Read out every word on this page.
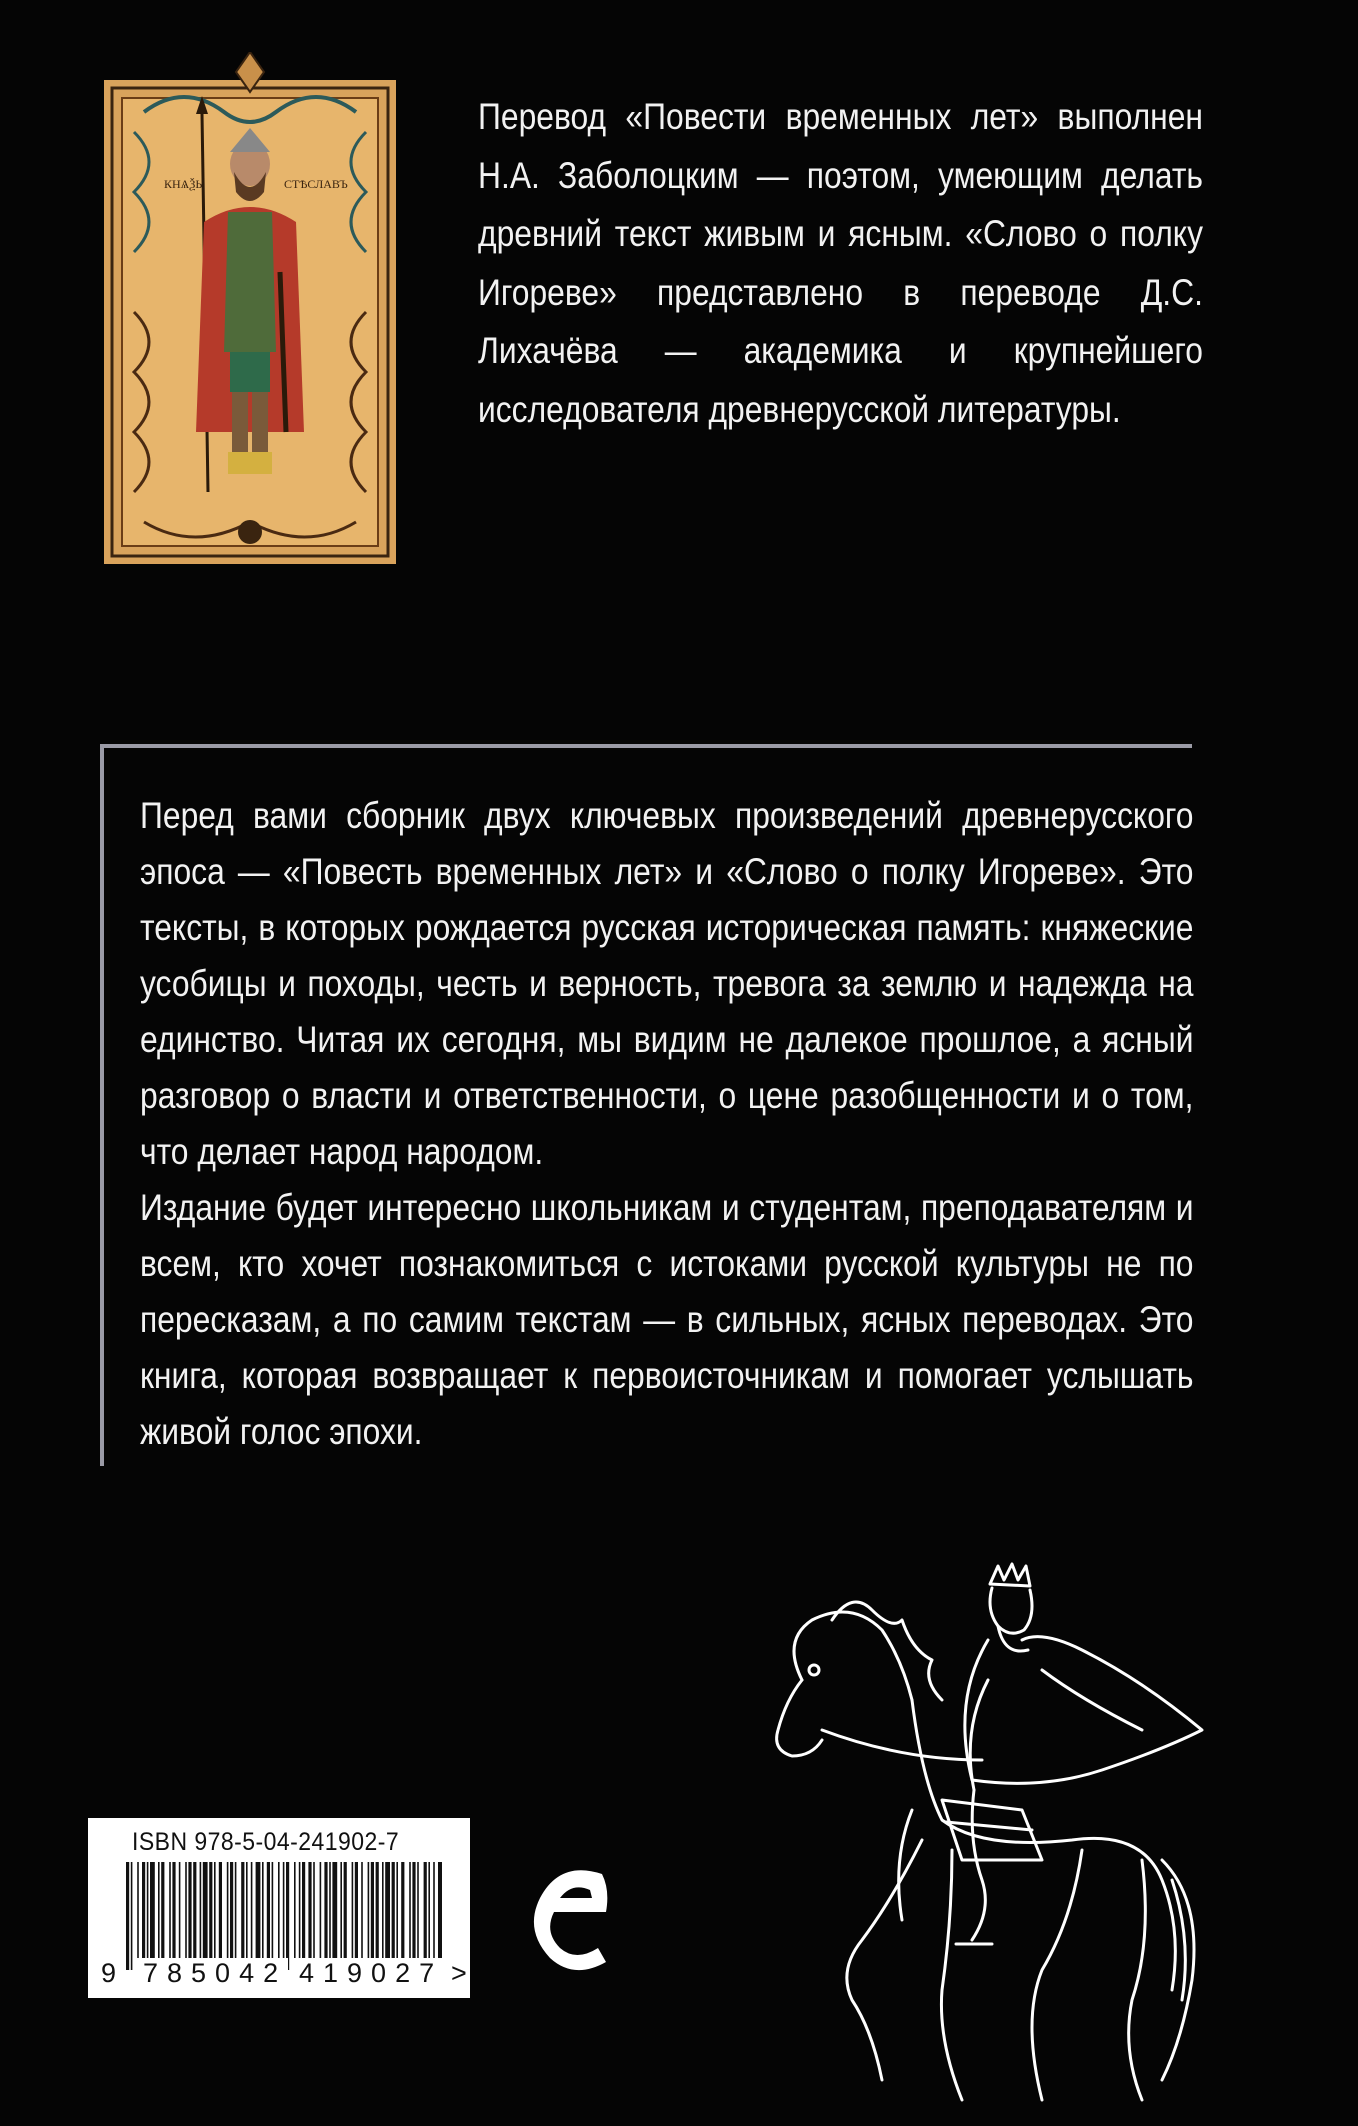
КНѦѮЬ	СТѢСЛАВЪ

Перевод «Повести временных лет» выполнен Н.А. Заболоцким — поэтом, умеющим делать древний текст живым и ясным. «Слово о полку Игореве» представлено в переводе Д.С. Лихачёва — академика и крупнейшего исследователя древнерусской литературы.

Перед вами сборник двух ключевых произведений древнерусского эпоса — «Повесть временных лет» и «Слово о полку Игореве». Это тексты, в которых рождается русская историческая память: княжеские усобицы и походы, честь и верность, тревога за землю и надежда на единство. Читая их сегодня, мы видим не далекое прошлое, а ясный разговор о власти и ответственности, о цене разобщенности и о том, что делает народ народом.

Издание будет интересно школьникам и студентам, преподавателям и всем, кто хочет познакомиться с истоками русской культуры не по пересказам, а по самим текстам — в сильных, ясных переводах. Это книга, которая возвращает к первоисточникам и помогает услышать живой голос эпохи.

ISBN 978-5-04-241902-7
9 785042 419027 >
